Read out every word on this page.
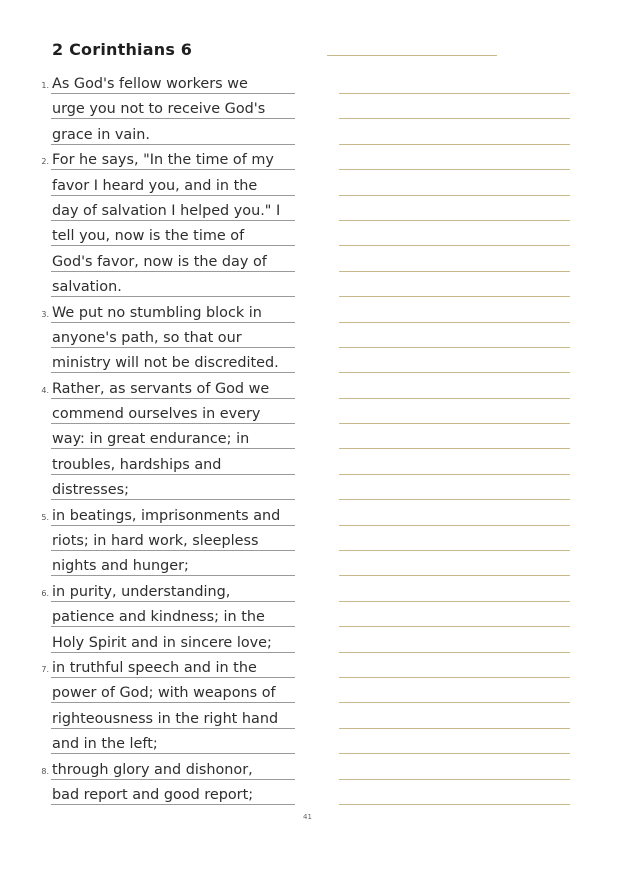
2 Corinthians 6
1. As God's fellow workers we
urge you not to receive God's
grace in vain.
2. For he says, "In the time of my
favor I heard you, and in the
day of salvation I helped you." I
tell you, now is the time of
God's favor, now is the day of
salvation.
3. We put no stumbling block in
anyone's path, so that our
ministry will not be discredited.
4. Rather, as servants of God we
commend ourselves in every
way: in great endurance; in
troubles, hardships and
distresses;
5. in beatings, imprisonments and
riots; in hard work, sleepless
nights and hunger;
6. in purity, understanding,
patience and kindness; in the
Holy Spirit and in sincere love;
7. in truthful speech and in the
power of God; with weapons of
righteousness in the right hand
and in the left;
8. through glory and dishonor,
bad report and good report;
41
